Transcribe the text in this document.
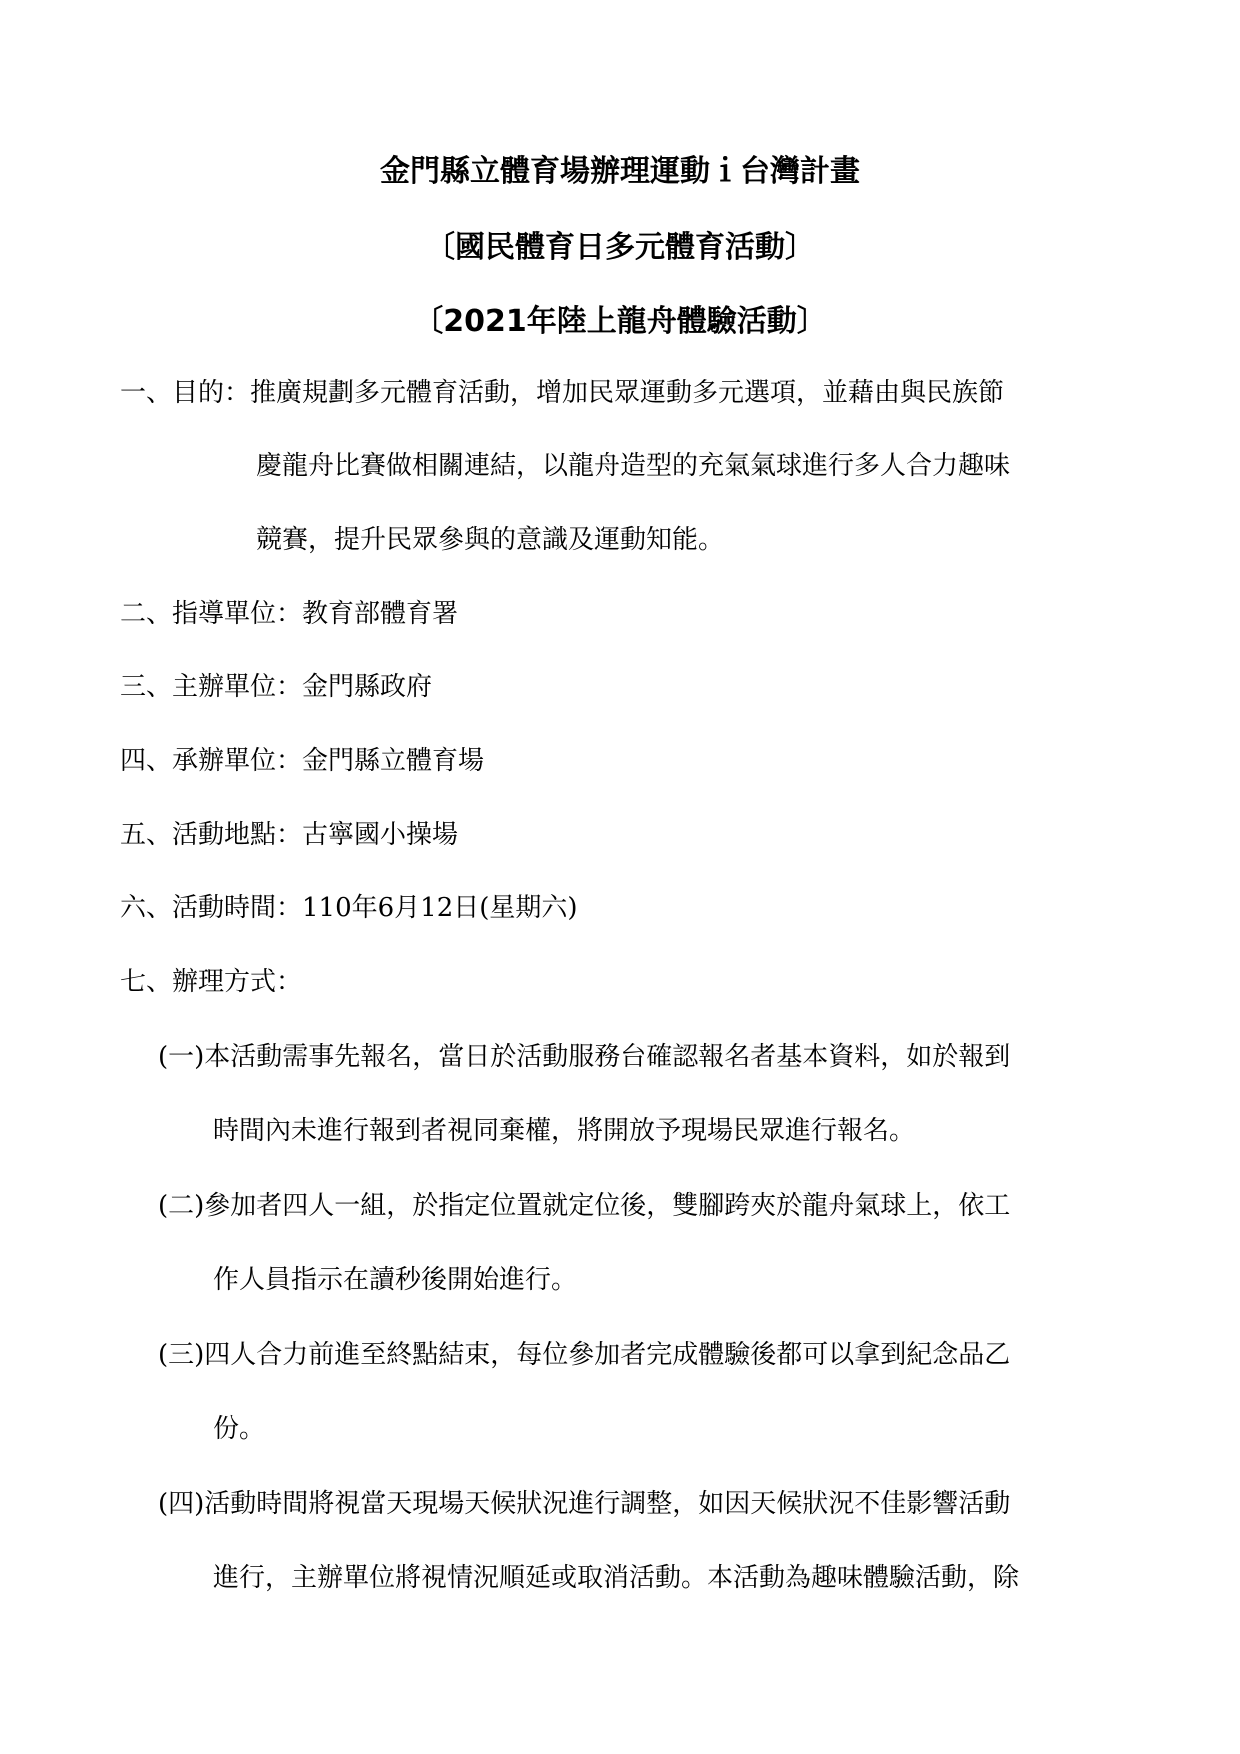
金門縣立體育場辦理運動ｉ台灣計畫
〔國民體育日多元體育活動〕
〔2021年陸上龍舟體驗活動〕
一、目的：推廣規劃多元體育活動，增加民眾運動多元選項，並藉由與民族節
慶龍舟比賽做相關連結，以龍舟造型的充氣氣球進行多人合力趣味
競賽，提升民眾參與的意識及運動知能。
二、指導單位：教育部體育署
三、主辦單位：金門縣政府
四、承辦單位：金門縣立體育場
五、活動地點：古寧國小操場
六、活動時間：110年6月12日(星期六)
七、辦理方式：
(一)本活動需事先報名，當日於活動服務台確認報名者基本資料，如於報到
時間內未進行報到者視同棄權，將開放予現場民眾進行報名。
(二)參加者四人一組，於指定位置就定位後，雙腳跨夾於龍舟氣球上，依工
作人員指示在讀秒後開始進行。
(三)四人合力前進至終點結束，每位參加者完成體驗後都可以拿到紀念品乙
份。
(四)活動時間將視當天現場天候狀況進行調整，如因天候狀況不佳影響活動
進行，主辦單位將視情況順延或取消活動。本活動為趣味體驗活動，除
